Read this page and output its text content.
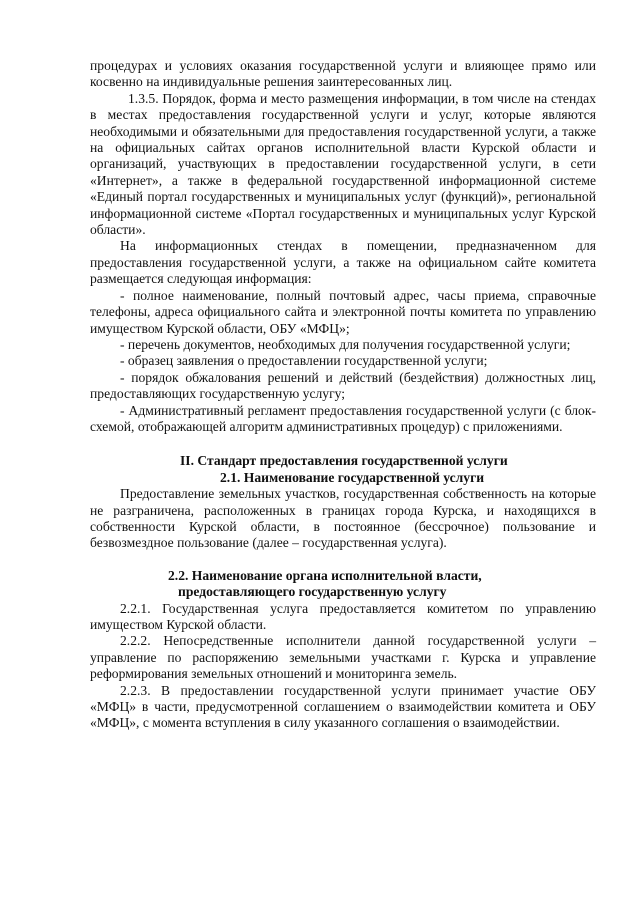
процедурах и условиях оказания государственной услуги и влияющее прямо или косвенно на индивидуальные решения заинтересованных лиц.

1.3.5. Порядок, форма и место размещения информации, в том числе на стендах в местах предоставления государственной услуги и услуг, которые являются необходимыми и обязательными для предоставления государственной услуги, а также на официальных сайтах органов исполнительной власти Курской области и организаций, участвующих в предоставлении государственной услуги, в сети «Интернет», а также в федеральной государственной информационной системе «Единый портал государственных и муниципальных услуг (функций)», региональной информационной системе «Портал государственных и муниципальных услуг Курской области».

На информационных стендах в помещении, предназначенном для предоставления государственной услуги, а также на официальном сайте комитета размещается следующая информация:

- полное наименование, полный почтовый адрес, часы приема, справочные телефоны, адреса официального сайта и электронной почты комитета по управлению имуществом Курской области, ОБУ «МФЦ»;

- перечень документов, необходимых для получения государственной услуги;

- образец заявления о предоставлении государственной услуги;

- порядок обжалования решений и действий (бездействия) должностных лиц, предоставляющих государственную услугу;

- Административный регламент предоставления государственной услуги (с блок-схемой, отображающей алгоритм административных процедур) с приложениями.

II. Стандарт предоставления государственной услуги

2.1. Наименование государственной услуги

Предоставление земельных участков, государственная собственность на которые не разграничена, расположенных в границах города Курска, и находящихся в собственности Курской области, в постоянное (бессрочное) пользование и безвозмездное пользование (далее – государственная услуга).

2.2. Наименование органа исполнительной власти,

предоставляющего государственную услугу

2.2.1. Государственная услуга предоставляется комитетом по управлению имуществом Курской области.

2.2.2. Непосредственные исполнители данной государственной услуги – управление по распоряжению земельными участками г. Курска и управление реформирования земельных отношений и мониторинга земель.

2.2.3. В предоставлении государственной услуги принимает участие ОБУ «МФЦ» в части, предусмотренной соглашением о взаимодействии комитета и ОБУ «МФЦ», с момента вступления в силу указанного соглашения о взаимодействии.
